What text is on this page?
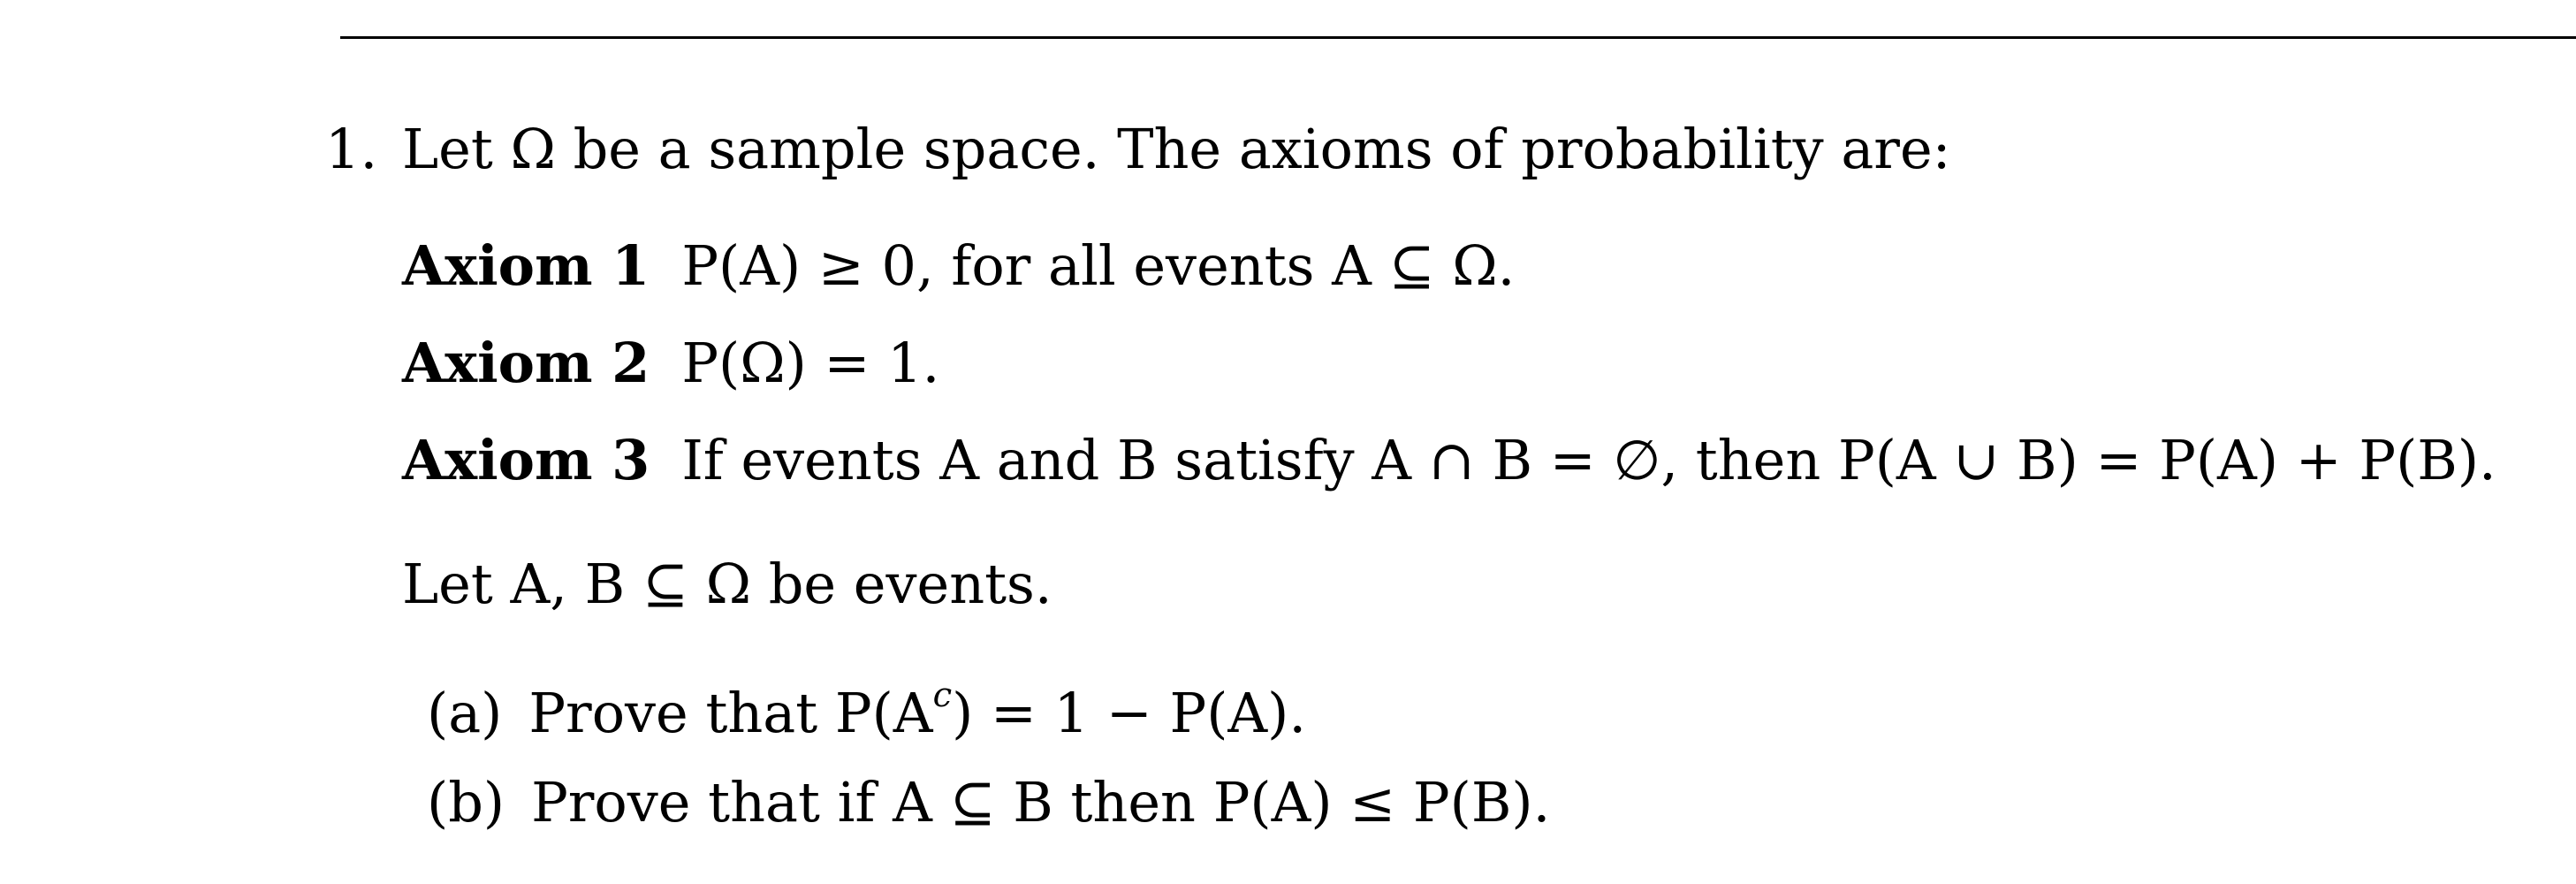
1. Let Ω be a sample space. The axioms of probability are:
Axiom 1 P(A) ≥ 0, for all events A ⊆ Ω.
Axiom 2 P(Ω) = 1.
Axiom 3 If events A and B satisfy A ∩ B = ∅, then P(A ∪ B) = P(A) + P(B).
Let A, B ⊆ Ω be events.
(a) Prove that $P(A^c) = 1 - P(A)$.
(b) Prove that if A ⊆ B then P(A) ≤ P(B).
